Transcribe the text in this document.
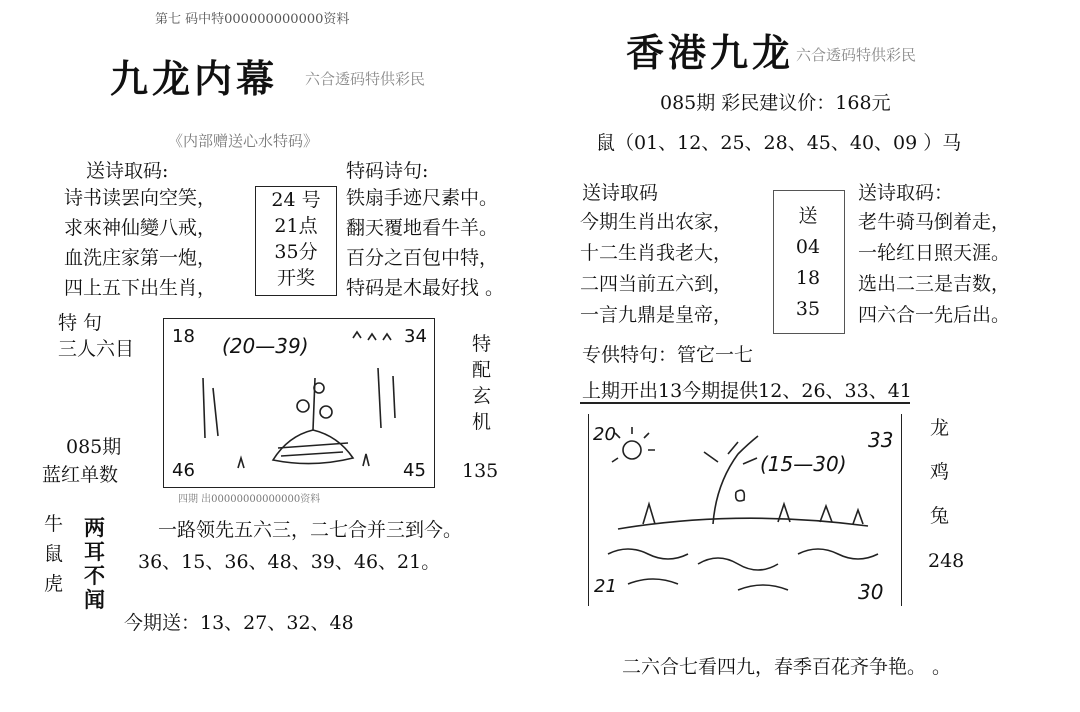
第七 码中特000000000000资料
九龙内幕 六合透码特供彩民
《内部赠送心水特码》
送诗取码:	特码诗句:
诗书读罢向空笑，
求來神仙變八戒，
血洗庄家第一炮，
四上五下出生肖，
24 号
21点
35分
开奖
铁扇手迹尺素中。
翻天覆地看牛羊。
百分之百包中特，
特码是木最好找 。
特 句
三人六目
085期
蓝红单数
18	34
46	45
(20—39)	特
配
玄
机
135
四期 出00000000000000资料
牛
鼠
虎
两
耳
不
闻
一路领先五六三，二七合并三到今。
36、15、36、48、39、46、21。
今期送：13、27、32、48
香港九龙 六合透码特供彩民
085期 彩民建议价：168元
鼠（01、12、25、28、45、40、09 ）马
送诗取码	送诗取码：
今期生肖出农家，
十二生肖我老大，
二四当前五六到，
一言九鼎是皇帝，
送
04
18
35
老牛骑马倒着走，
一轮红日照天涯。
选出二三是吉数，
四六合一先后出。
专供特句：管它一七
上期开出13今期提供12、26、33、41
20	33
21	30
(15—30)
龙
鸡
兔
248
二六合七看四九，春季百花齐争艳。 。
